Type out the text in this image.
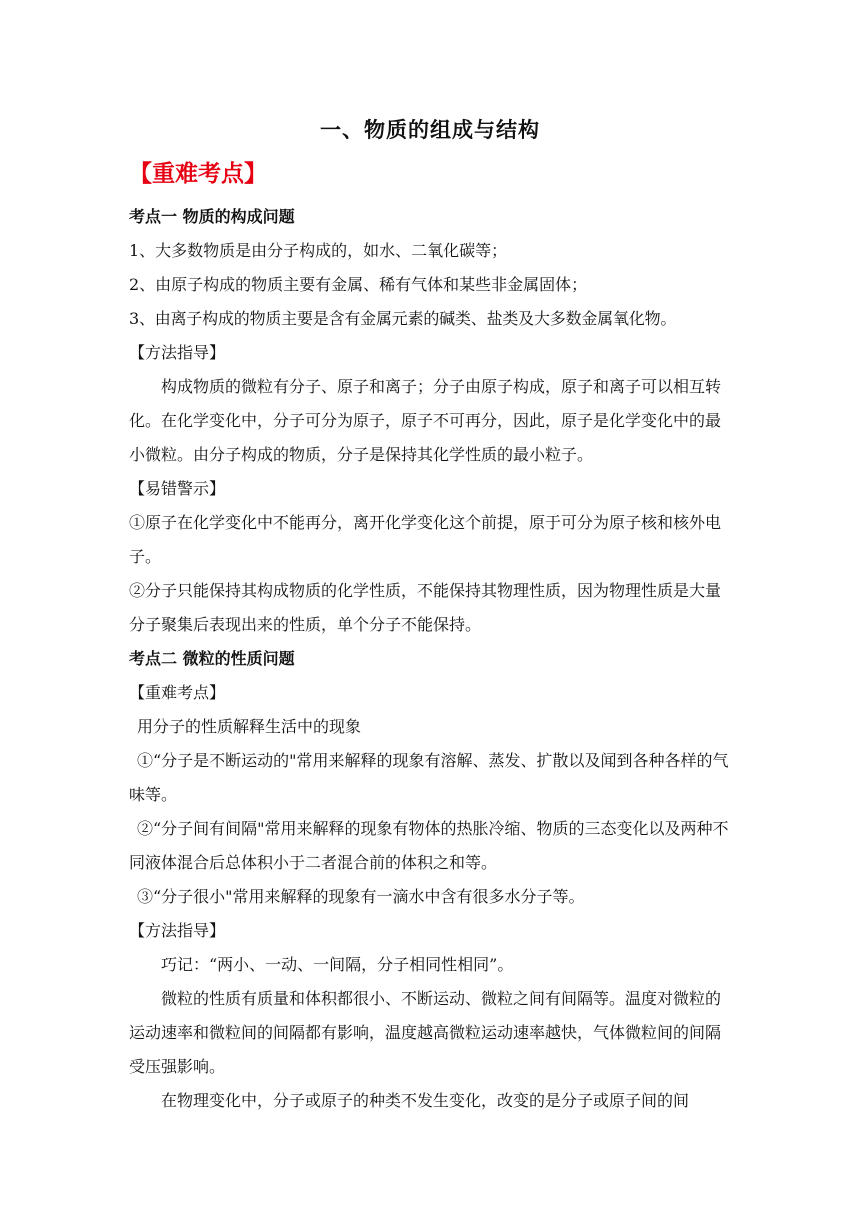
一、物质的组成与结构
【重难考点】

考点一 物质的构成问题

1、大多数物质是由分子构成的，如水、二氧化碳等；

2、由原子构成的物质主要有金属、稀有气体和某些非金属固体；

3、由离子构成的物质主要是含有金属元素的碱类、盐类及大多数金属氧化物。

【方法指导】

构成物质的微粒有分子、原子和离子；分子由原子构成，原子和离子可以相互转化。在化学变化中，分子可分为原子，原子不可再分，因此，原子是化学变化中的最小微粒。由分子构成的物质，分子是保持其化学性质的最小粒子。

【易错警示】

①原子在化学变化中不能再分，离开化学变化这个前提，原于可分为原子核和核外电子。

②分子只能保持其构成物质的化学性质，不能保持其物理性质，因为物理性质是大量分子聚集后表现出来的性质，单个分子不能保持。

考点二 微粒的性质问题

【重难考点】

用分子的性质解释生活中的现象

①“分子是不断运动的"常用来解释的现象有溶解、蒸发、扩散以及闻到各种各样的气味等。

②“分子间有间隔"常用来解释的现象有物体的热胀冷缩、物质的三态变化以及两种不同液体混合后总体积小于二者混合前的体积之和等。

③“分子很小"常用来解释的现象有一滴水中含有很多水分子等。

【方法指导】

巧记：“两小、一动、一间隔，分子相同性相同”。

微粒的性质有质量和体积都很小、不断运动、微粒之间有间隔等。温度对微粒的运动速率和微粒间的间隔都有影响，温度越高微粒运动速率越快，气体微粒间的间隔受压强影响。

在物理变化中，分子或原子的种类不发生变化，改变的是分子或原子间的间
